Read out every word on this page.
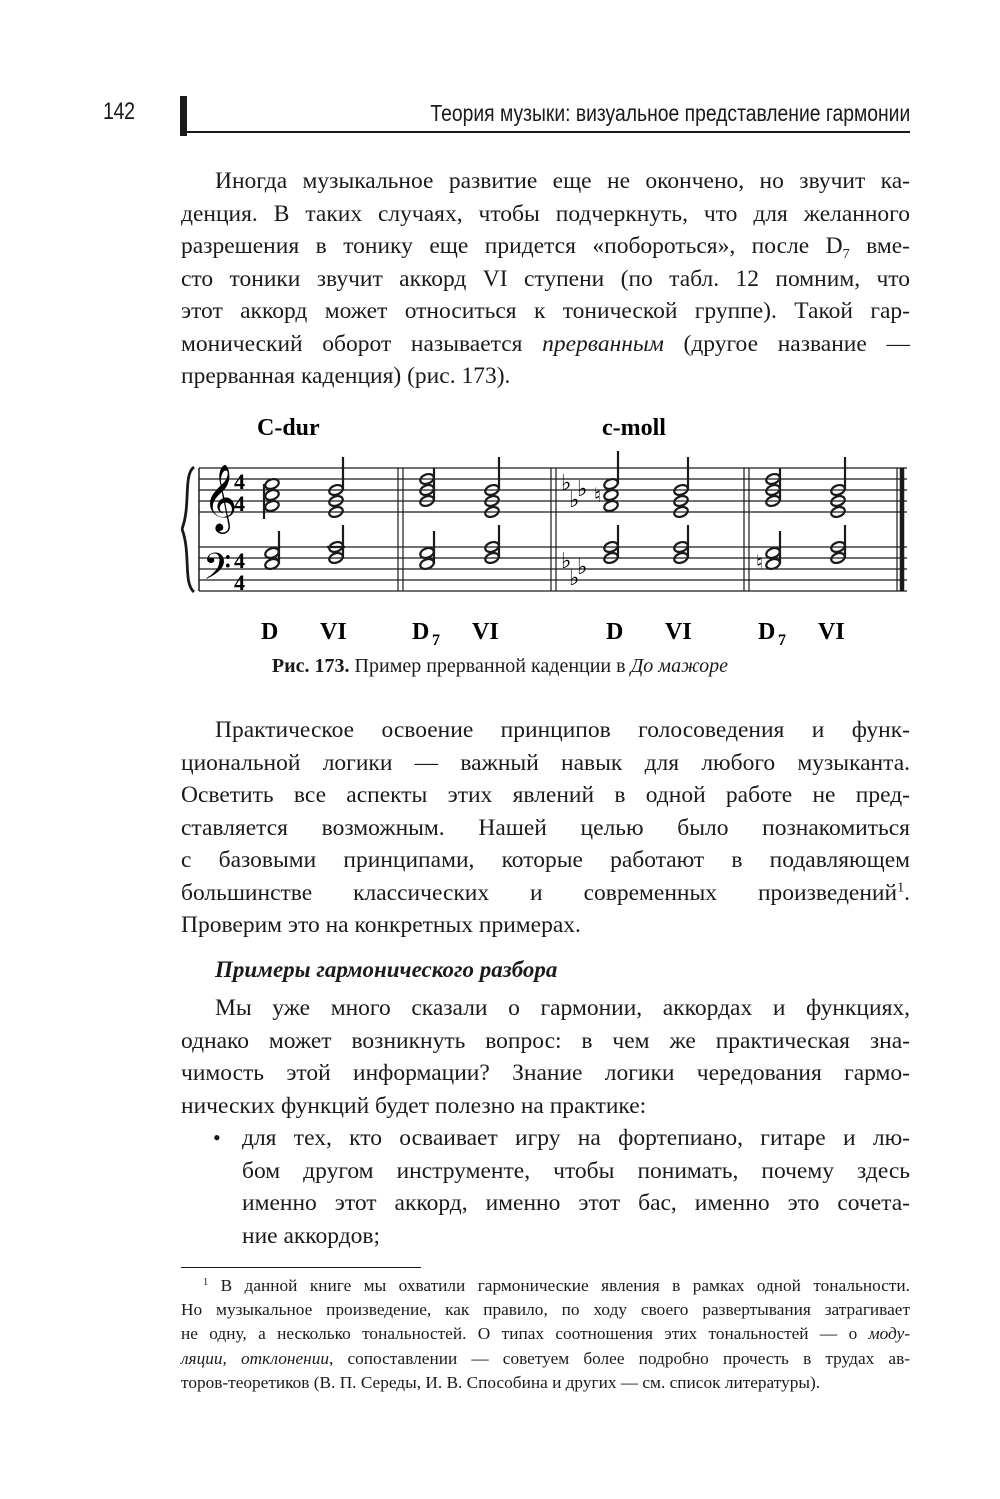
142	Теория музыки: визуальное представление гармонии
Иногда музыкальное развитие еще не окончено, но звучит ка-
денция. В таких случаях, чтобы подчеркнуть, что для желанного
разрешения в тонику еще придется «побороться», после $D_7$ вме-
сто тоники звучит аккорд VI ступени (по табл. 12 помним, что
этот аккорд может относиться к тонической группе). Такой гар-
монический оборот называется прерванным (другое название —
прерванная каденция) (рис. 173).
C-dur	c-moll
𝄞
𝄢
4
4
4
4
♭
♭
♭
♭
♭
♭
♮
♮
D VI	D 7 VI	D VI	D 7 VI
Рис. 173. Пример прерванной каденции в До мажоре
Практическое освоение принципов голосоведения и функ-
циональной логики — важный навык для любого музыканта.
Осветить все аспекты этих явлений в одной работе не пред-
ставляется возможным. Нашей целью было познакомиться
с базовыми принципами, которые работают в подавляющем
большинстве классических и современных произведений$^1$.
Проверим это на конкретных примерах.
Примеры гармонического разбора
Мы уже много сказали о гармонии, аккордах и функциях,
однако может возникнуть вопрос: в чем же практическая зна-
чимость этой информации? Знание логики чередования гармо-
нических функций будет полезно на практике:
• для тех, кто осваивает игру на фортепиано, гитаре и лю-
бом другом инструменте, чтобы понимать, почему здесь
именно этот аккорд, именно этот бас, именно это сочета-
ние аккордов;
$^1$ В данной книге мы охватили гармонические явления в рамках одной тональности.
Но музыкальное произведение, как правило, по ходу своего развертывания затрагивает
не одну, а несколько тональностей. О типах соотношения этих тональностей — о моду-
ляции, отклонении, сопоставлении — советуем более подробно прочесть в трудах ав-
торов-теоретиков (В. П. Середы, И. В. Способина и других — см. список литературы).
